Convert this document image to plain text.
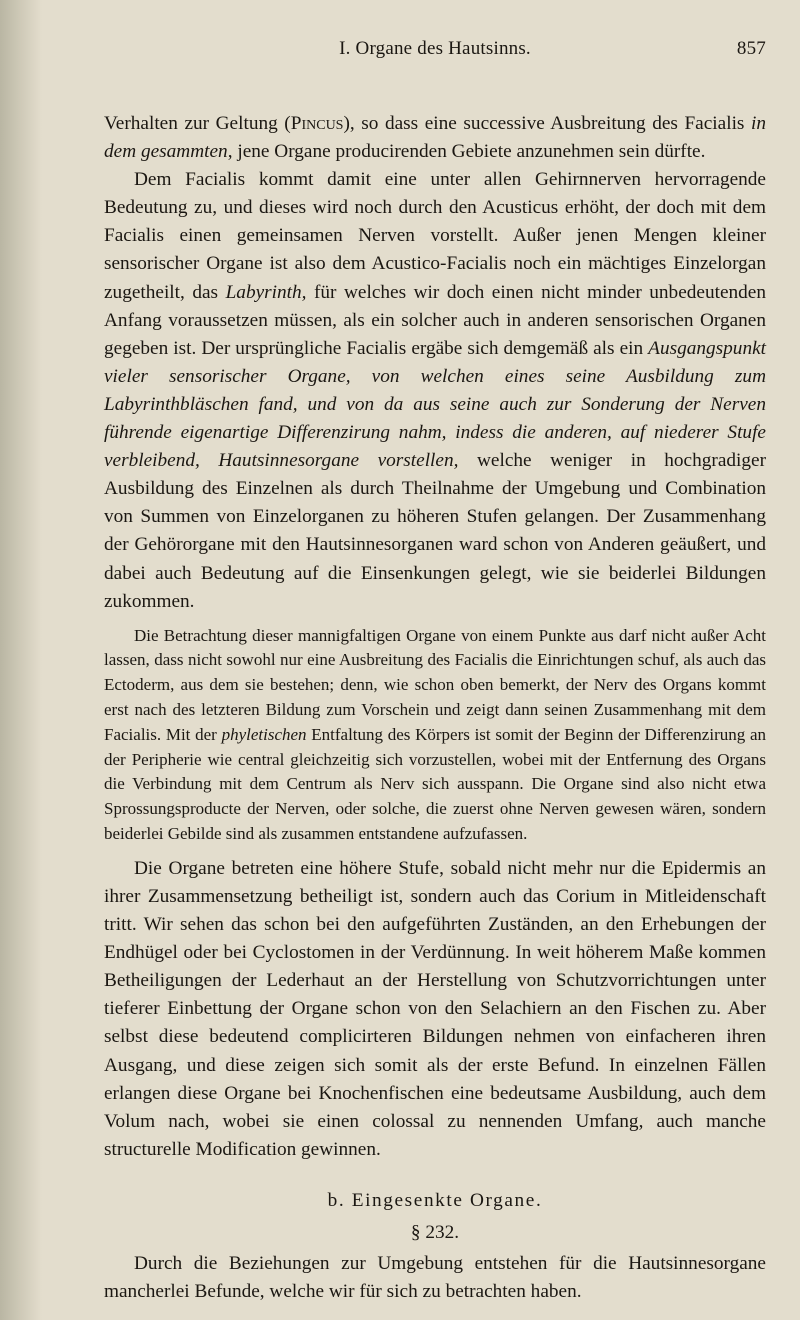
I. Organe des Hautsinns.	857

Verhalten zur Geltung (Pincus), so dass eine successive Ausbreitung des Facialis in dem gesammten, jene Organe producirenden Gebiete anzunehmen sein dürfte.

Dem Facialis kommt damit eine unter allen Gehirnnerven hervorragende Bedeutung zu, und dieses wird noch durch den Acusticus erhöht, der doch mit dem Facialis einen gemeinsamen Nerven vorstellt. Außer jenen Mengen kleiner sensorischer Organe ist also dem Acustico-Facialis noch ein mächtiges Einzelorgan zugetheilt, das Labyrinth, für welches wir doch einen nicht minder unbedeutenden Anfang voraussetzen müssen, als ein solcher auch in anderen sensorischen Organen gegeben ist. Der ursprüngliche Facialis ergäbe sich demgemäß als ein Ausgangspunkt vieler sensorischer Organe, von welchen eines seine Ausbildung zum Labyrinthbläschen fand, und von da aus seine auch zur Sonderung der Nerven führende eigenartige Differenzirung nahm, indess die anderen, auf niederer Stufe verbleibend, Hautsinnesorgane vorstellen, welche weniger in hochgradiger Ausbildung des Einzelnen als durch Theilnahme der Umgebung und Combination von Summen von Einzelorganen zu höheren Stufen gelangen. Der Zusammenhang der Gehörorgane mit den Hautsinnesorganen ward schon von Anderen geäußert, und dabei auch Bedeutung auf die Einsenkungen gelegt, wie sie beiderlei Bildungen zukommen.

Die Betrachtung dieser mannigfaltigen Organe von einem Punkte aus darf nicht außer Acht lassen, dass nicht sowohl nur eine Ausbreitung des Facialis die Einrichtungen schuf, als auch das Ectoderm, aus dem sie bestehen; denn, wie schon oben bemerkt, der Nerv des Organs kommt erst nach des letzteren Bildung zum Vorschein und zeigt dann seinen Zusammenhang mit dem Facialis. Mit der phyletischen Entfaltung des Körpers ist somit der Beginn der Differenzirung an der Peripherie wie central gleichzeitig sich vorzustellen, wobei mit der Entfernung des Organs die Verbindung mit dem Centrum als Nerv sich ausspann. Die Organe sind also nicht etwa Sprossungsproducte der Nerven, oder solche, die zuerst ohne Nerven gewesen wären, sondern beiderlei Gebilde sind als zusammen entstandene aufzufassen.

Die Organe betreten eine höhere Stufe, sobald nicht mehr nur die Epidermis an ihrer Zusammensetzung betheiligt ist, sondern auch das Corium in Mitleidenschaft tritt. Wir sehen das schon bei den aufgeführten Zuständen, an den Erhebungen der Endhügel oder bei Cyclostomen in der Verdünnung. In weit höherem Maße kommen Betheiligungen der Lederhaut an der Herstellung von Schutzvorrichtungen unter tieferer Einbettung der Organe schon von den Selachiern an den Fischen zu. Aber selbst diese bedeutend complicirteren Bildungen nehmen von einfacheren ihren Ausgang, und diese zeigen sich somit als der erste Befund. In einzelnen Fällen erlangen diese Organe bei Knochenfischen eine bedeutsame Ausbildung, auch dem Volum nach, wobei sie einen colossal zu nennenden Umfang, auch manche structurelle Modification gewinnen.

b. Eingesenkte Organe.
§ 232.

Durch die Beziehungen zur Umgebung entstehen für die Hautsinnesorgane mancherlei Befunde, welche wir für sich zu betrachten haben.
